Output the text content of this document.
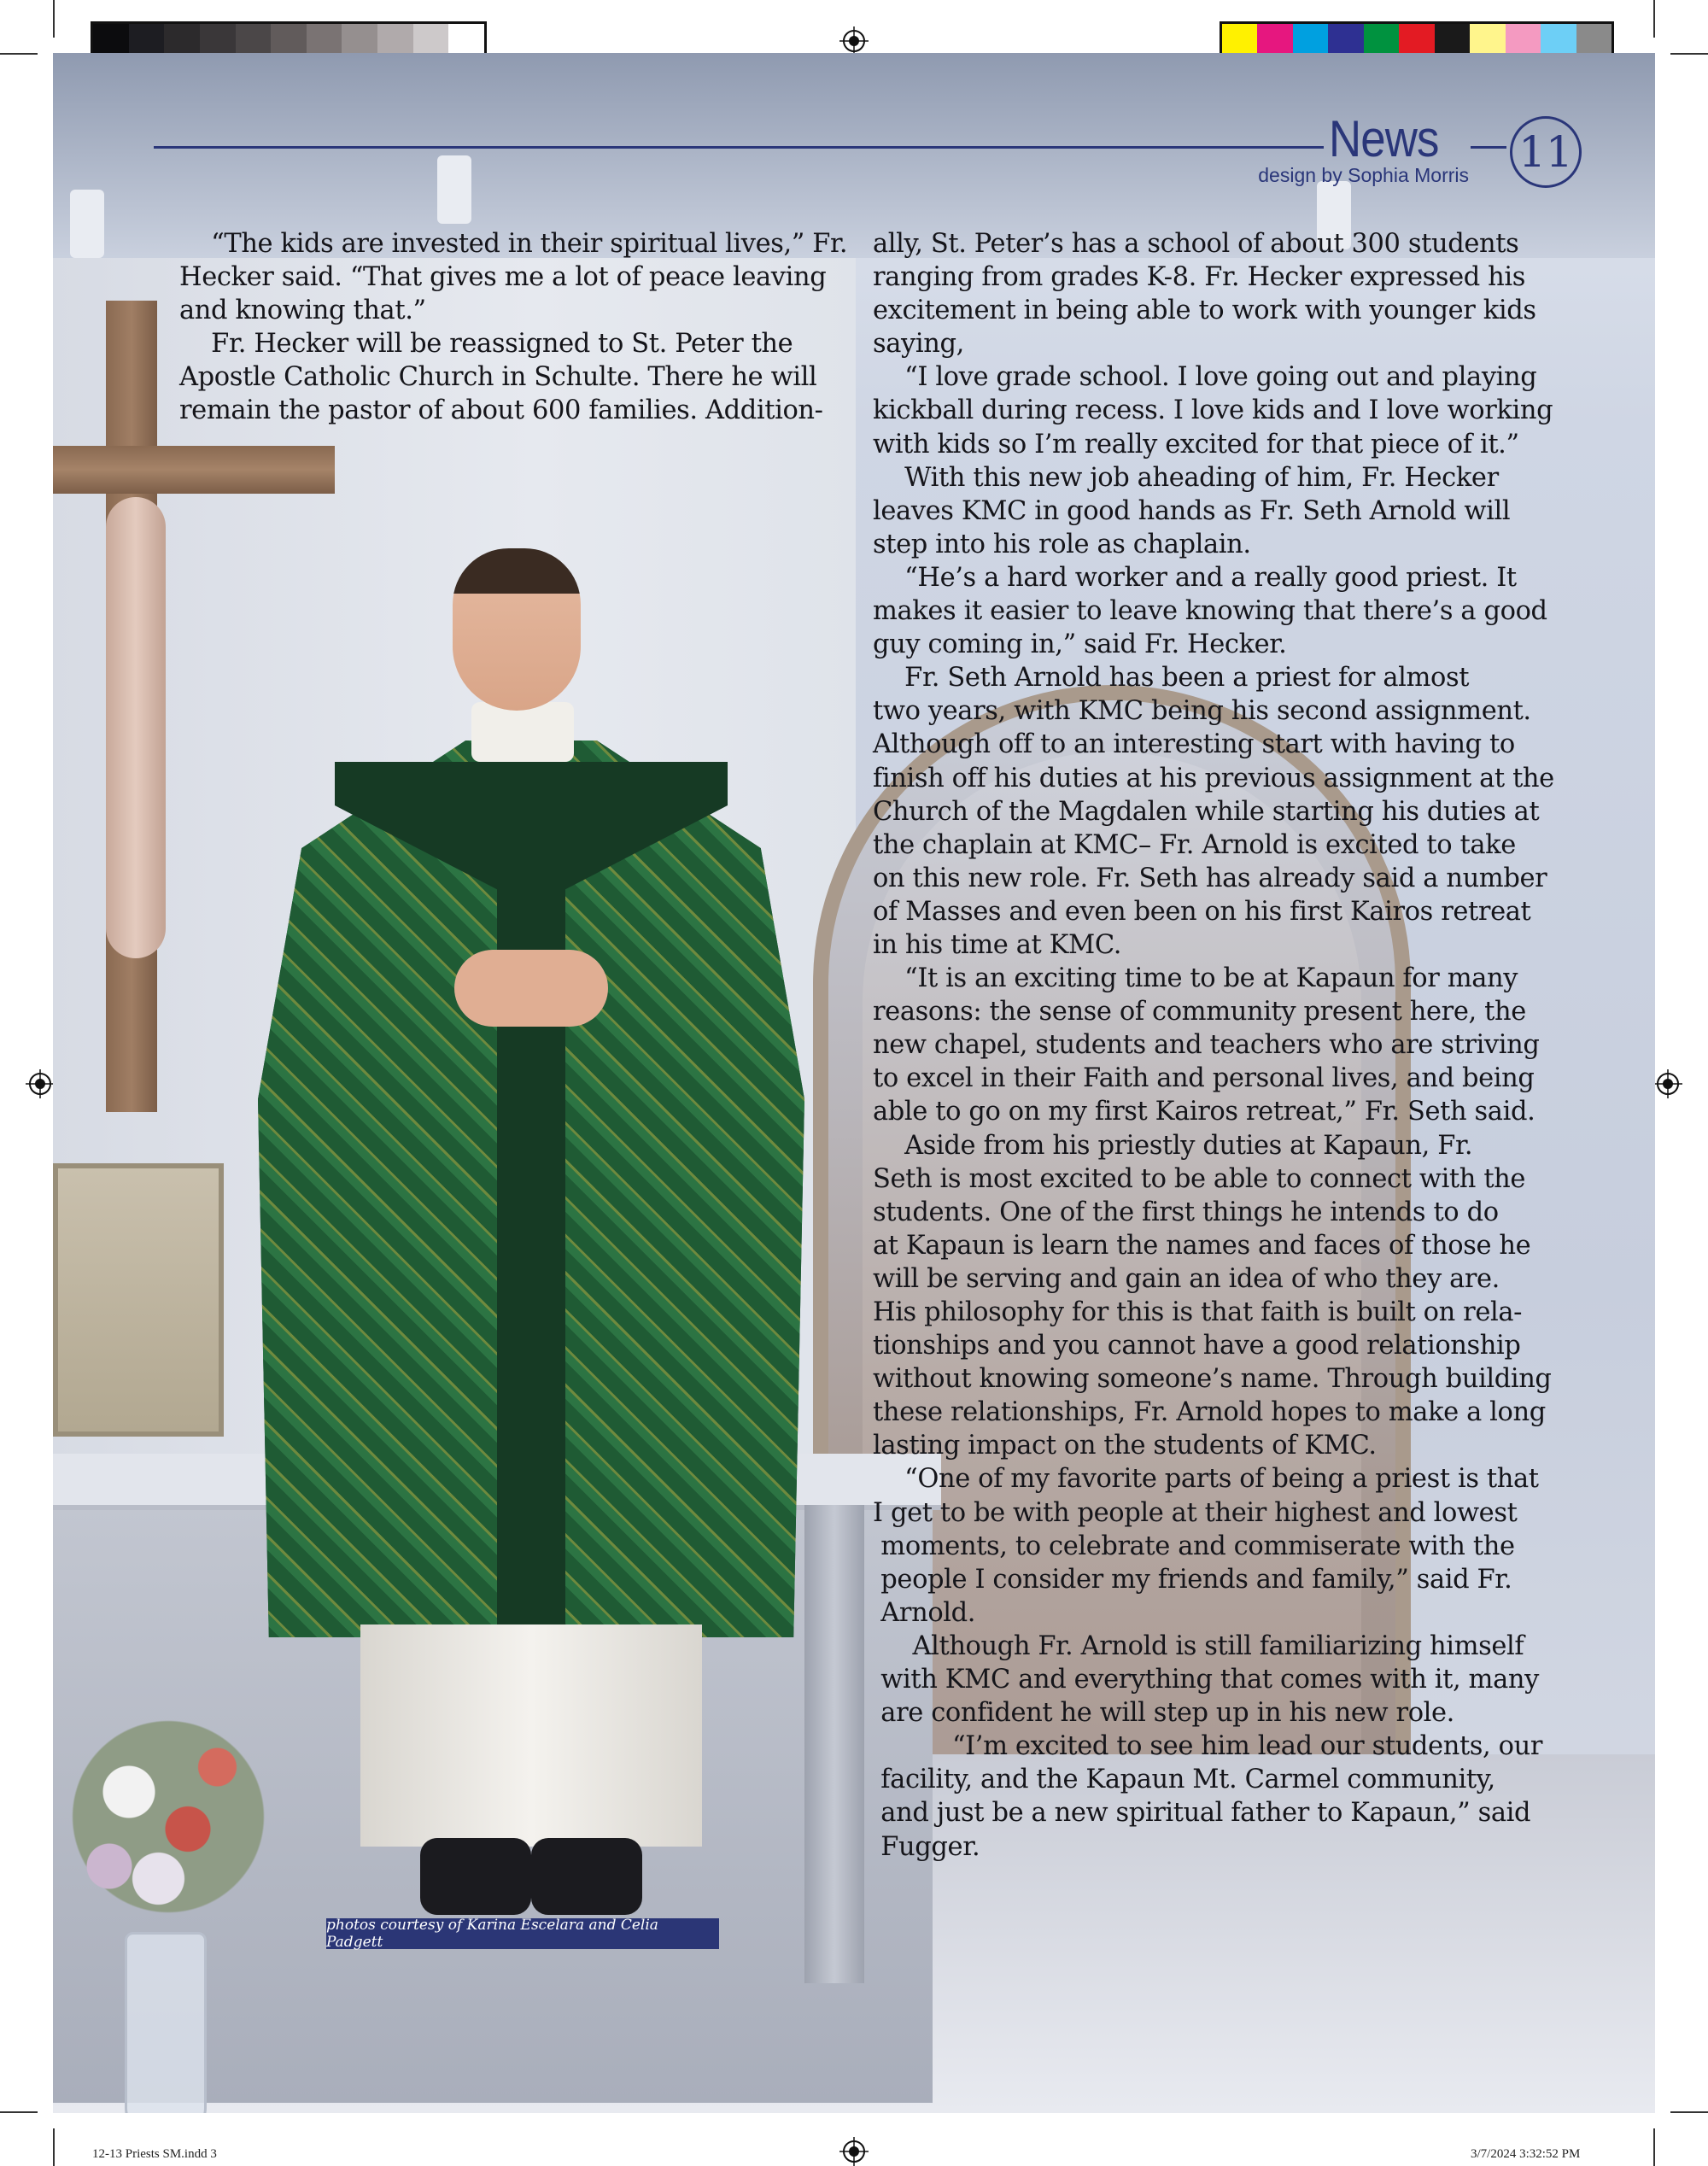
News
design by Sophia Morris 11
“The kids are invested in their spiritual lives,” Fr.
Hecker said. “That gives me a lot of peace leaving
and knowing that.”
Fr. Hecker will be reassigned to St. Peter the
Apostle Catholic Church in Schulte. There he will
remain the pastor of about 600 families. Addition-
ally, St. Peter’s has a school of about 300 students
ranging from grades K-8. Fr. Hecker expressed his
excitement in being able to work with younger kids
saying,
“I love grade school. I love going out and playing
kickball during recess. I love kids and I love working
with kids so I’m really excited for that piece of it.”
With this new job aheading of him, Fr. Hecker
leaves KMC in good hands as Fr. Seth Arnold will
step into his role as chaplain.
“He’s a hard worker and a really good priest. It
makes it easier to leave knowing that there’s a good
guy coming in,” said Fr. Hecker.
Fr. Seth Arnold has been a priest for almost
two years, with KMC being his second assignment.
Although off to an interesting start with having to
finish off his duties at his previous assignment at the
Church of the Magdalen while starting his duties at
the chaplain at KMC– Fr. Arnold is excited to take
on this new role. Fr. Seth has already said a number
of Masses and even been on his first Kairos retreat
in his time at KMC.
“It is an exciting time to be at Kapaun for many
reasons: the sense of community present here, the
new chapel, students and teachers who are striving
to excel in their Faith and personal lives, and being
able to go on my first Kairos retreat,” Fr. Seth said.
Aside from his priestly duties at Kapaun, Fr.
Seth is most excited to be able to connect with the
students. One of the first things he intends to do
at Kapaun is learn the names and faces of those he
will be serving and gain an idea of who they are.
His philosophy for this is that faith is built on rela-
tionships and you cannot have a good relationship
without knowing someone’s name. Through building
these relationships, Fr. Arnold hopes to make a long
lasting impact on the students of KMC.
“One of my favorite parts of being a priest is that
I get to be with people at their highest and lowest
moments, to celebrate and commiserate with the
people I consider my friends and family,” said Fr.
Arnold.
Although Fr. Arnold is still familiarizing himself
with KMC and everything that comes with it, many
are confident he will step up in his new role.
“I’m excited to see him lead our students, our
facility, and the Kapaun Mt. Carmel community,
and just be a new spiritual father to Kapaun,” said
Fugger.
photos courtesy of Karina Escelara and Celia Padgett
12-13 Priests SM.indd 3	3/7/2024 3:32:52 PM
